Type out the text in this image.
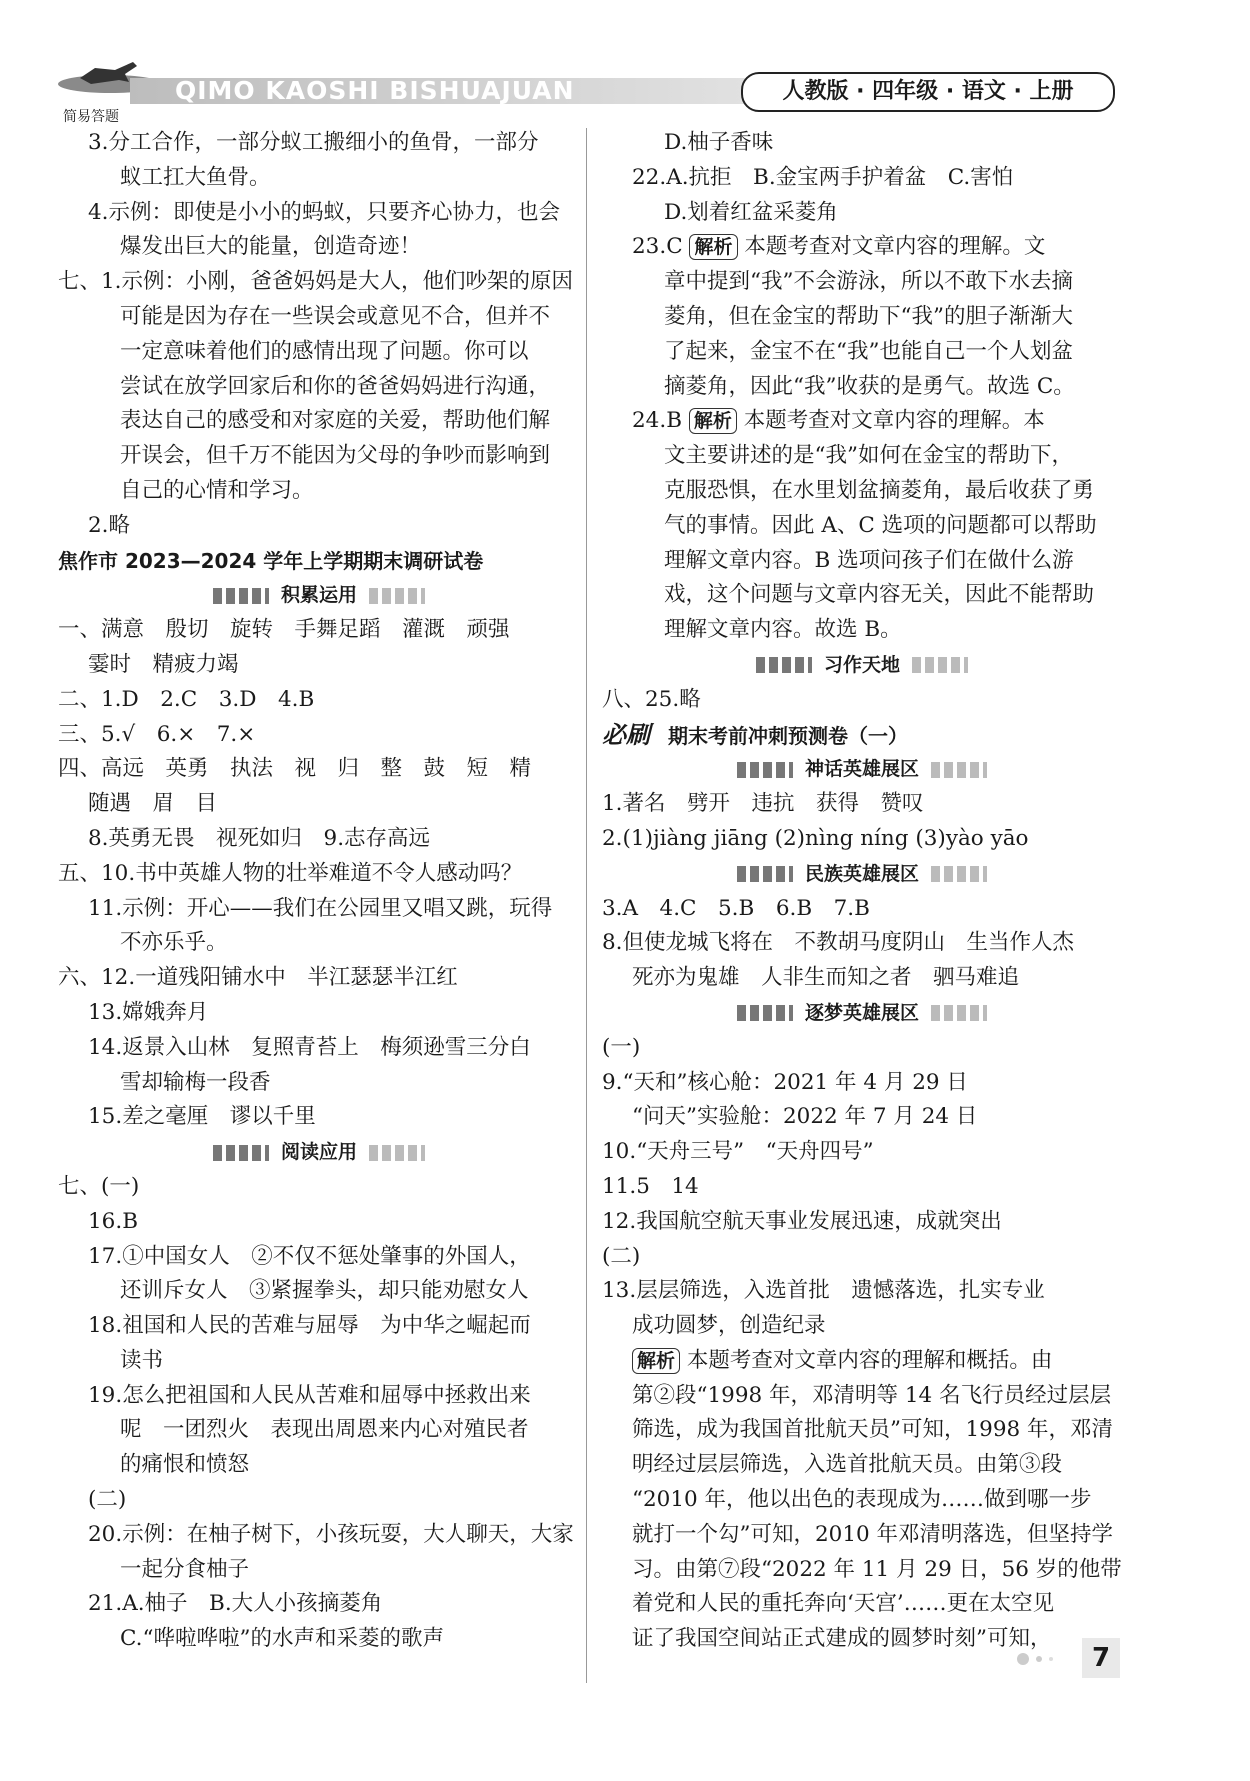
QIMO KAOSHI BISHUAJUAN
简易答题
人教版 · 四年级 · 语文 · 上册
3.分工合作，一部分蚁工搬细小的鱼骨，一部分
蚁工扛大鱼骨。
4.示例：即使是小小的蚂蚁，只要齐心协力，也会
爆发出巨大的能量，创造奇迹！
七、1.示例：小刚，爸爸妈妈是大人，他们吵架的原因
可能是因为存在一些误会或意见不合，但并不
一定意味着他们的感情出现了问题。你可以
尝试在放学回家后和你的爸爸妈妈进行沟通，
表达自己的感受和对家庭的关爱，帮助他们解
开误会，但千万不能因为父母的争吵而影响到
自己的心情和学习。
2.略
焦作市 2023—2024 学年上学期期末调研试卷
积累运用
一、满意　殷切　旋转　手舞足蹈　灌溉　顽强
霎时　精疲力竭
二、1.D　2.C　3.D　4.B
三、5.√　6.×　7.×
四、高远　英勇　执法　视　归　整　鼓　短　精
随遇　眉　目
8.英勇无畏　视死如归　9.志存高远
五、10.书中英雄人物的壮举难道不令人感动吗？
11.示例：开心——我们在公园里又唱又跳，玩得
不亦乐乎。
六、12.一道残阳铺水中　半江瑟瑟半江红
13.嫦娥奔月
14.返景入山林　复照青苔上　梅须逊雪三分白
雪却输梅一段香
15.差之毫厘　谬以千里
阅读应用
七、(一)
16.B
17.①中国女人　②不仅不惩处肇事的外国人，
还训斥女人　③紧握拳头，却只能劝慰女人
18.祖国和人民的苦难与屈辱　为中华之崛起而
读书
19.怎么把祖国和人民从苦难和屈辱中拯救出来
呢　一团烈火　表现出周恩来内心对殖民者
的痛恨和愤怒
(二)
20.示例：在柚子树下，小孩玩耍，大人聊天，大家
一起分食柚子
21.A.柚子　B.大人小孩摘菱角
C.“哗啦哗啦”的水声和采菱的歌声
D.柚子香味
22.A.抗拒　B.金宝两手护着盆　C.害怕
D.划着红盆采菱角
23.C 解析 本题考查对文章内容的理解。文
章中提到“我”不会游泳，所以不敢下水去摘
菱角，但在金宝的帮助下“我”的胆子渐渐大
了起来，金宝不在“我”也能自己一个人划盆
摘菱角，因此“我”收获的是勇气。故选 C。
24.B 解析 本题考查对文章内容的理解。本
文主要讲述的是“我”如何在金宝的帮助下，
克服恐惧，在水里划盆摘菱角，最后收获了勇
气的事情。因此 A、C 选项的问题都可以帮助
理解文章内容。B 选项问孩子们在做什么游
戏，这个问题与文章内容无关，因此不能帮助
理解文章内容。故选 B。
习作天地
八、25.略
必刷 期末考前冲刺预测卷（一）
神话英雄展区
1.著名　劈开　违抗　获得　赞叹
2.(1)jiàng jiāng (2)nìng níng (3)yào yāo
民族英雄展区
3.A　4.C　5.B　6.B　7.B
8.但使龙城飞将在　不教胡马度阴山　生当作人杰
死亦为鬼雄　人非生而知之者　驷马难追
逐梦英雄展区
(一)
9.“天和”核心舱：2021 年 4 月 29 日
“问天”实验舱：2022 年 7 月 24 日
10.“天舟三号”　“天舟四号”
11.5　14
12.我国航空航天事业发展迅速，成就突出
(二)
13.层层筛选，入选首批　遗憾落选，扎实专业
成功圆梦，创造纪录
解析 本题考查对文章内容的理解和概括。由
第②段“1998 年，邓清明等 14 名飞行员经过层层
筛选，成为我国首批航天员”可知，1998 年，邓清
明经过层层筛选，入选首批航天员。由第③段
“2010 年，他以出色的表现成为……做到哪一步
就打一个勾”可知，2010 年邓清明落选，但坚持学
习。由第⑦段“2022 年 11 月 29 日，56 岁的他带
着党和人民的重托奔向‘天宫’……更在太空见
证了我国空间站正式建成的圆梦时刻”可知，
7
